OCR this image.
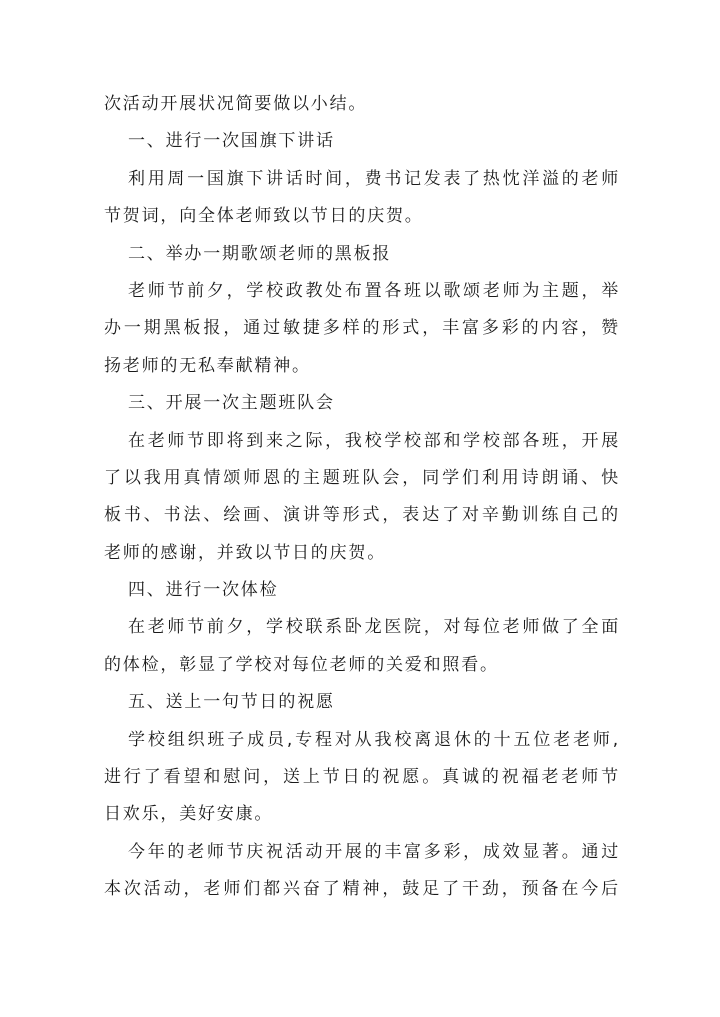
次活动开展状况简要做以小结。
一、进行一次国旗下讲话
利用周一国旗下讲话时间，费书记发表了热忱洋溢的老师
节贺词，向全体老师致以节日的庆贺。
二、举办一期歌颂老师的黑板报
老师节前夕，学校政教处布置各班以歌颂老师为主题，举
办一期黑板报，通过敏捷多样的形式，丰富多彩的内容，赞
扬老师的无私奉献精神。
三、开展一次主题班队会
在老师节即将到来之际，我校学校部和学校部各班，开展
了以我用真情颂师恩的主题班队会，同学们利用诗朗诵、快
板书、书法、绘画、演讲等形式，表达了对辛勤训练自己的
老师的感谢，并致以节日的庆贺。
四、进行一次体检
在老师节前夕，学校联系卧龙医院，对每位老师做了全面
的体检，彰显了学校对每位老师的关爱和照看。
五、送上一句节日的祝愿
学校组织班子成员,专程对从我校离退休的十五位老老师,
进行了看望和慰问，送上节日的祝愿。真诚的祝福老老师节
日欢乐，美好安康。
今年的老师节庆祝活动开展的丰富多彩，成效显著。通过
本次活动，老师们都兴奋了精神，鼓足了干劲，预备在今后
